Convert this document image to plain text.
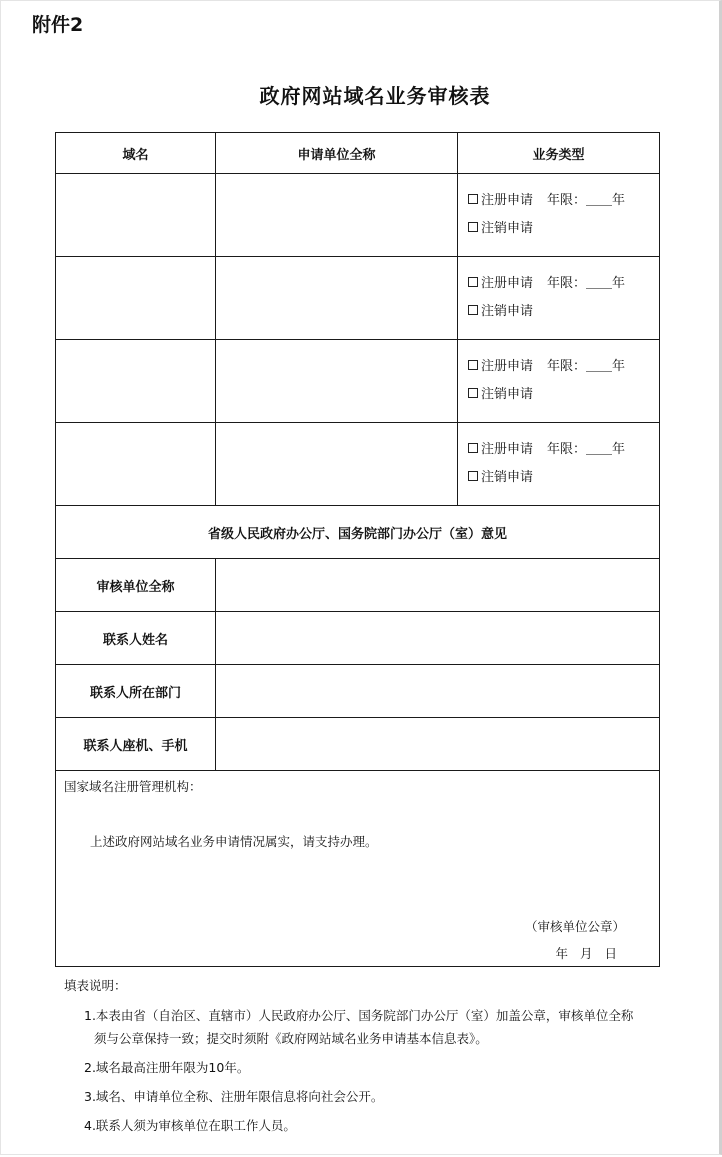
附件2
政府网站域名业务审核表
域名	申请单位全称	业务类型

		注册申请 年限：＿＿年
注销申请

		注册申请 年限：＿＿年
注销申请

		注册申请 年限：＿＿年
注销申请

		注册申请 年限：＿＿年
注销申请

省级人民政府办公厅、国务院部门办公厅（室）意见		
审核单位全称		
联系人姓名		
联系人所在部门		
联系人座机、手机		

国家域名注册管理机构：
上述政府网站域名业务申请情况属实，请支持办理。
（审核单位公章）
年 月 日		
填表说明：
1.本表由省（自治区、直辖市）人民政府办公厅、国务院部门办公厅（室）加盖公章，审核单位全称
须与公章保持一致；提交时须附《政府网站域名业务申请基本信息表》。
2.域名最高注册年限为10年。
3.域名、申请单位全称、注册年限信息将向社会公开。
4.联系人须为审核单位在职工作人员。
